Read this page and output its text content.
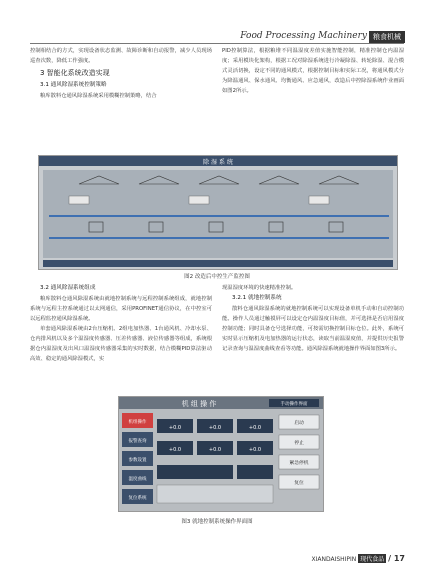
Food Processing Machinery 粮食机械

控制相结合的方式，实现设备状态监测、故障诊断和自动报警，减少人员现场巡查次数，降低工作强度。

3 智能化系统改造实现

3.1 通风除湿系统控制策略

粮库散料仓通风除湿系统采用模糊控制策略，结合

PID控制算法，根据粮堆不同温湿度差值实施智能控制，精准控制仓内温湿度；采用模块化架构，根据工况对除湿系统进行冷凝除湿、转轮除湿、混合模式灵活切换，设定不同的通风模式，根据控制目标和实际工况，将通风模式分为降温通风、保水通风、均衡通风、应急通风，改造后中控除湿系统作业画面如图2所示。

除 湿 系 统
图2 改造后中控生产监控图

3.2 通风除湿系统组成

粮库散料仓通风除湿系统由就地控制系统与远程控制系统组成，就地控制系统与远程主控系统通过以太网通信，采用PROFINET通信协议，在中控室可以远程监控通风除湿系统。

单套通风除湿系统由2台压缩机、2组电加热器、1台通风机、冷却水泵、仓内排风机以及多个温湿度传感器、压差传感器、液位传感器等组成，系统根据仓内温湿度及出风口温湿度传感器采集的实时数据，结合模糊PID算法驱动高效、稳定的通风除湿模式，实

现温湿度环境的快速精准控制。

3.2.1 就地控制系统

散料仓通风除湿系统的就地控制系统可以实现设备单机手动和自动控制功能。操作人员通过触摸屏可以设定仓内温湿度目标值，并可选择是否启用湿度控制功能；同时具备仓号选择功能，可按需切换控制目标仓位。此外，系统可实时显示压缩机及电加热器的运行状态，读取当前温湿度值，并提供历史报警记录查询与温湿度曲线查看等功能。通风除湿系统就地操作界面如图3所示。

机 组 操 作	手动操作界面
机组操作
报警查询
参数设置
温度曲线
复位系统
+0.0	+0.0	+0.0
+0.0	+0.0	+0.0
启动
停止
紧急停机
复位
图3 就地控制系统操作界面图
XIANDAISHIPIN 现代食品 / 17
